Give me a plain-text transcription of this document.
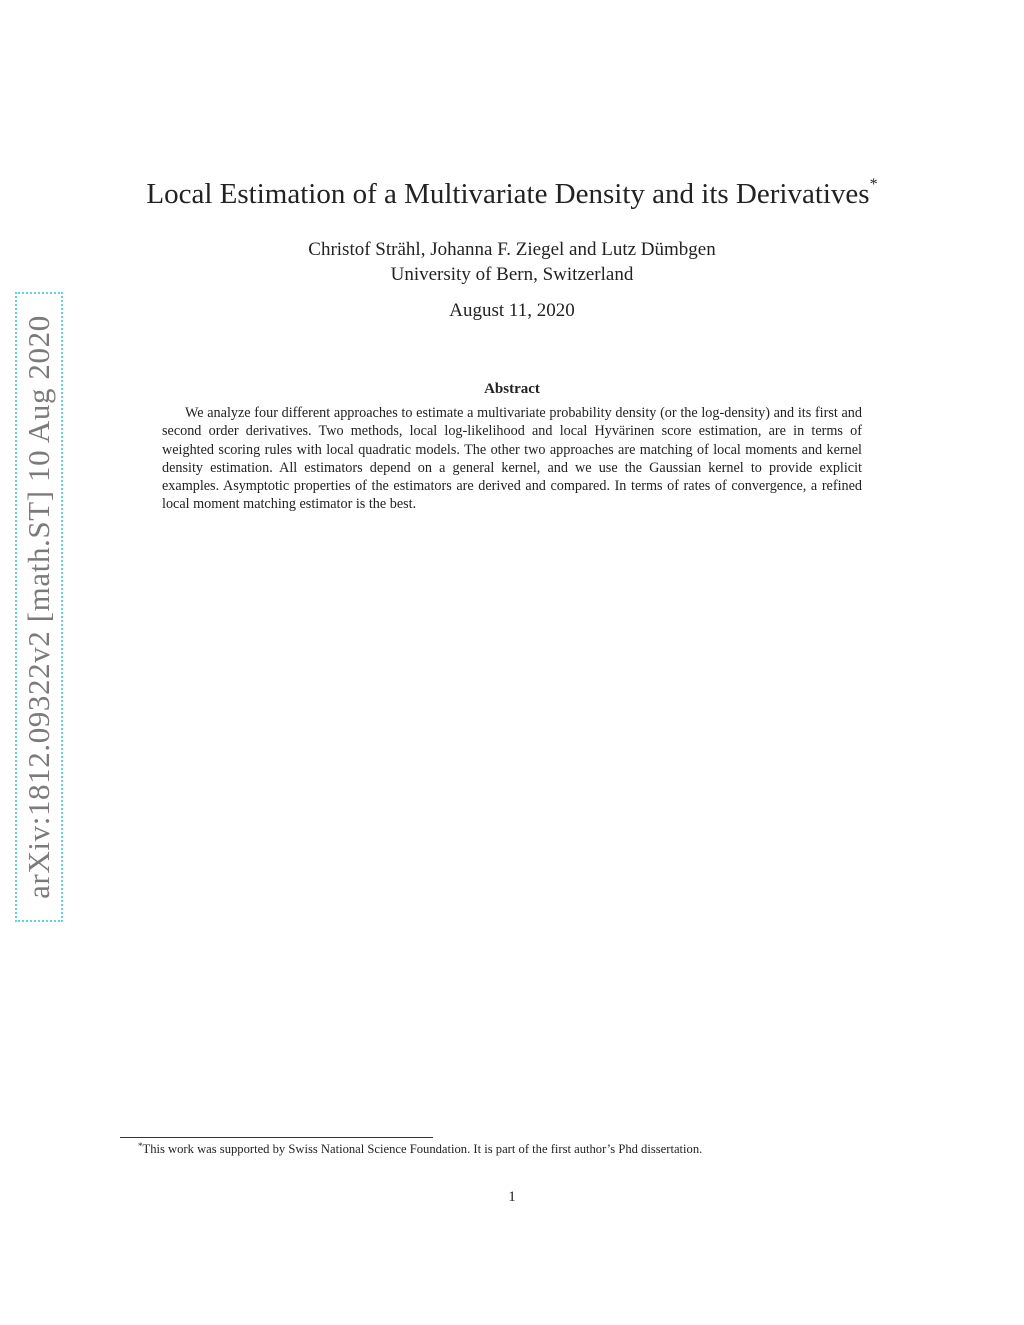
arXiv:1812.09322v2 [math.ST] 10 Aug 2020
Local Estimation of a Multivariate Density and its Derivatives*
Christof Strähl, Johanna F. Ziegel and Lutz Dümbgen
University of Bern, Switzerland
August 11, 2020
Abstract

We analyze four different approaches to estimate a multivariate probability density (or the log-density) and its first and second order derivatives. Two methods, local log-likelihood and local Hyvärinen score estimation, are in terms of weighted scoring rules with local quadratic models. The other two approaches are matching of local moments and kernel density estimation. All estimators depend on a general kernel, and we use the Gaussian kernel to provide explicit examples. Asymptotic properties of the estimators are derived and compared. In terms of rates of convergence, a refined local moment matching estimator is the best.

*This work was supported by Swiss National Science Foundation. It is part of the first author’s Phd dissertation.
1
